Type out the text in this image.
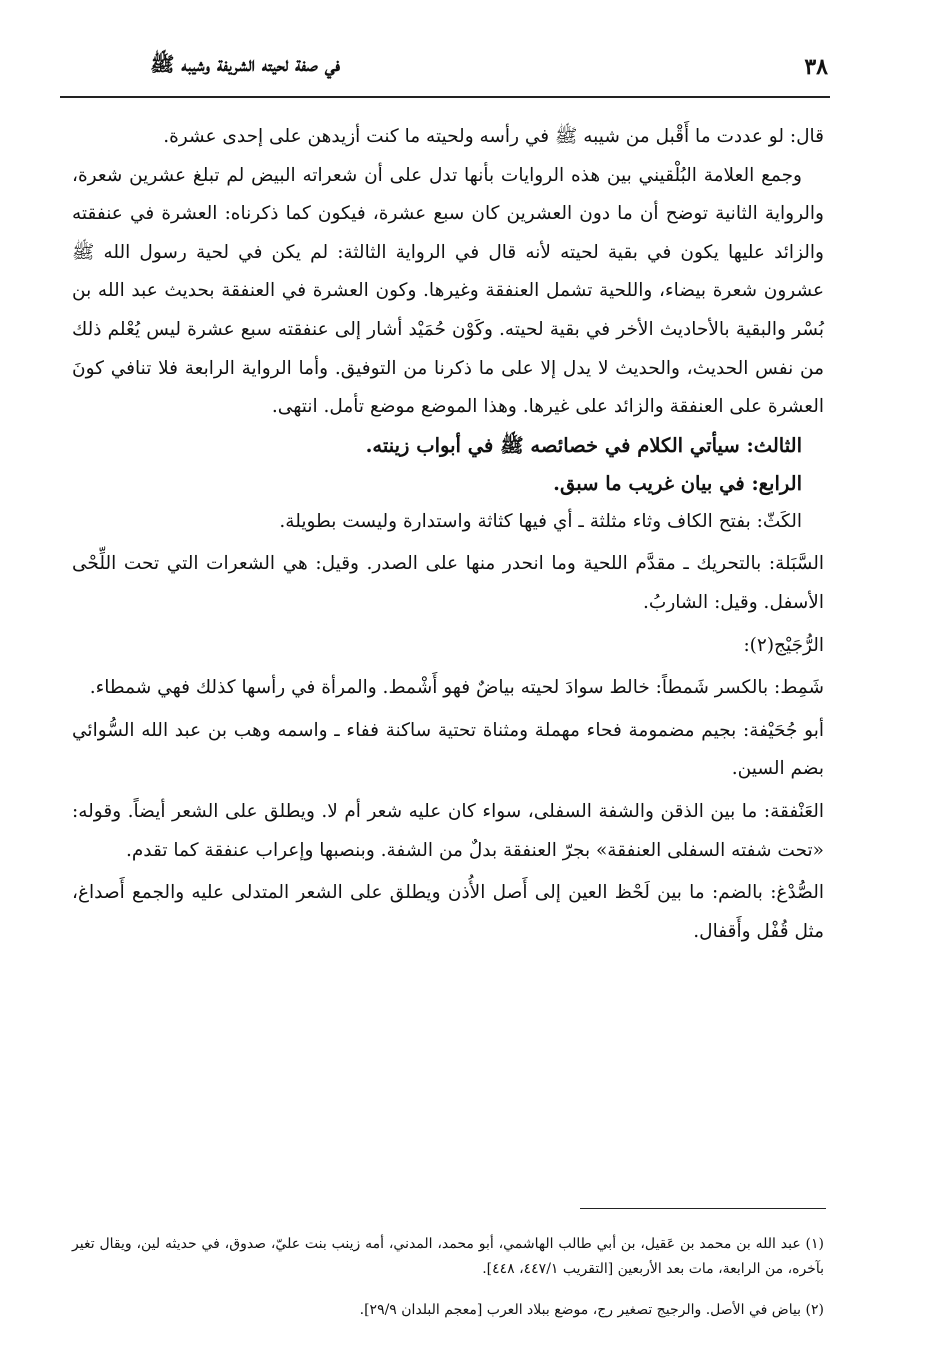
٣٨
في صفة لحيته الشريفة وشيبه ﷺ

قال: لو عددت ما أَقْبل من شيبه ﷺ في رأسه ولحيته ما كنت أزيدهن على إحدى عشرة.

وجمع العلامة البُلْقيني بين هذه الروايات بأنها تدل على أن شعراته البيض لم تبلغ عشرين شعرة، والرواية الثانية توضح أن ما دون العشرين كان سبع عشرة، فيكون كما ذكرناه: العشرة في عنفقته والزائد عليها يكون في بقية لحيته لأنه قال في الرواية الثالثة: لم يكن في لحية رسول الله ﷺ عشرون شعرة بيضاء، واللحية تشمل العنفقة وغيرها. وكون العشرة في العنفقة بحديث عبد الله بن بُسْر والبقية بالأحاديث الأخر في بقية لحيته. وكَوْن حُمَيْد أشار إلى عنفقته سبع عشرة ليس يُعْلم ذلك من نفس الحديث، والحديث لا يدل إلا على ما ذكرنا من التوفيق. وأما الرواية الرابعة فلا تنافي كونَ العشرة على العنفقة والزائد على غيرها. وهذا الموضع موضع تأمل. انتهى.

الثالث: سيأتي الكلام في خصائصه ﷺ في أبواب زينته.

الرابع: في بيان غريب ما سبق.

الكَثّ: بفتح الكاف وثاء مثلثة ـ أي فيها كثاثة واستدارة وليست بطويلة.

السَّبَلة: بالتحريك ـ مقدَّم اللحية وما انحدر منها على الصدر. وقيل: هي الشعرات التي تحت اللِّحْى الأسفل. وقيل: الشاربُ.

الرُّجَيْج(٢):

شَمِط: بالكسر شَمطاً: خالط سوادَ لحيته بياضٌ فهو أَشْمط. والمرأة في رأسها كذلك فهي شمطاء.

أبو جُحَيْفة: بجيم مضمومة فحاء مهملة ومثناة تحتية ساكنة ففاء ـ واسمه وهب بن عبد الله السُّوائي بضم السين.

العَنْفقة: ما بين الذقن والشفة السفلى، سواء كان عليه شعر أم لا. ويطلق على الشعر أيضاً. وقوله: «تحت شفته السفلى العنفقة» بجرّ العنفقة بدلٌ من الشفة. وبنصبها وإعراب عنفقة كما تقدم.

الصُّدْغ: بالضم: ما بين لَحْظ العين إلى أَصل الأُذن ويطلق على الشعر المتدلى عليه والجمع أَصداغ، مثل قُفْل وأَقفال.

(١) عبد الله بن محمد بن عَقيل، بن أبي طالب الهاشمي، أبو محمد، المدني، أمه زينب بنت عليّ، صدوق، في حديثه لين، ويقال تغير بآخره، من الرابعة، مات بعد الأربعين [التقريب ٤٤٧/١، ٤٤٨].

(٢) بياض في الأصل. والرجيج تصغير رج، موضع ببلاد العرب [معجم البلدان ٢٩/٩].
